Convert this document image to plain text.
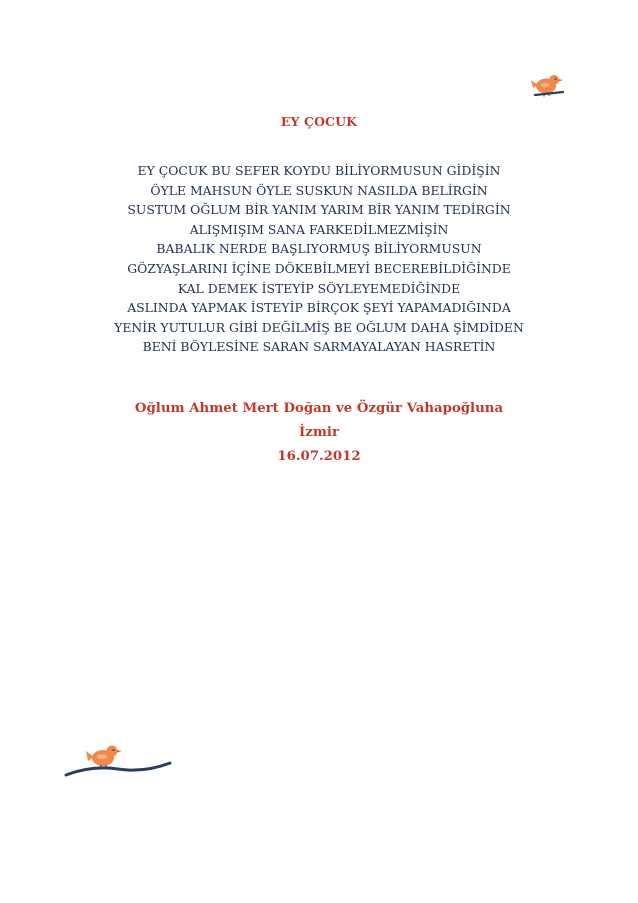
EY ÇOCUK
EY ÇOCUK BU SEFER KOYDU BİLİYORMUSUN GİDİŞİN
ÖYLE MAHSUN ÖYLE SUSKUN NASILDA BELİRGİN
SUSTUM OĞLUM BİR YANIM YARIM BİR YANIM TEDİRGİN
ALIŞMIŞIM SANA FARKEDİLMEZMİŞİN
BABALIK NERDE BAŞLIYORMUŞ BİLİYORMUSUN
GÖZYAŞLARINI İÇİNE DÖKEBİLMEYİ BECEREBİLDİĞİNDE
KAL DEMEK İSTEYİP SÖYLEYEMEDİĞİNDE
ASLINDA YAPMAK İSTEYİP BİRÇOK ŞEYİ YAPAMADIĞINDA
YENİR YUTULUR GİBİ DEĞİLMİŞ BE OĞLUM DAHA ŞİMDİDEN
BENİ BÖYLESİNE SARAN SARMAYALAYAN HASRETİN
Oğlum Ahmet Mert Doğan ve Özgür Vahapoğluna
İzmir
16.07.2012
